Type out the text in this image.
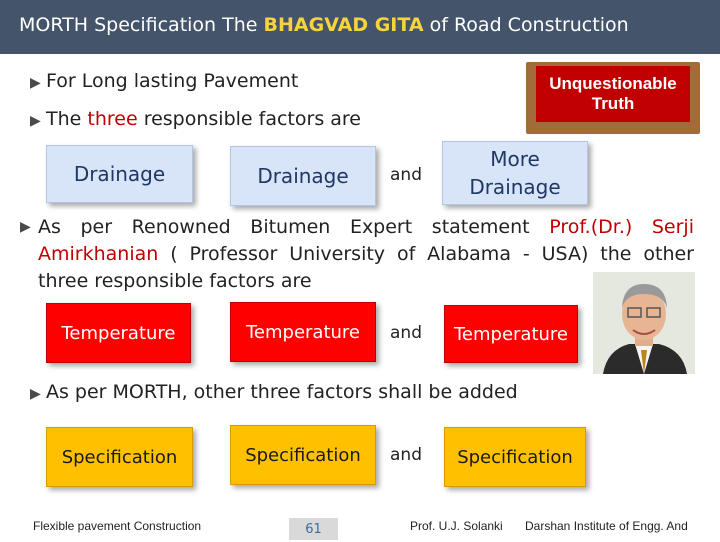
MORTH Specification The BHAGVAD GITA of Road Construction
▶ For Long lasting Pavement
▶ The three responsible factors are
Unquestionable
Truth
Drainage	Drainage	and
More
Drainage
▶ As per Renowned Bitumen Expert statement Prof.(Dr.) Serji
Amirkhanian ( Professor University of Alabama - USA) the other
three responsible factors are
Temperature	Temperature	and	Temperature
▶ As per MORTH, other three factors shall be added
Specification	Specification	and	Specification
Flexible pavement Construction	61	Prof. U.J. Solanki Darshan Institute of Engg. And
